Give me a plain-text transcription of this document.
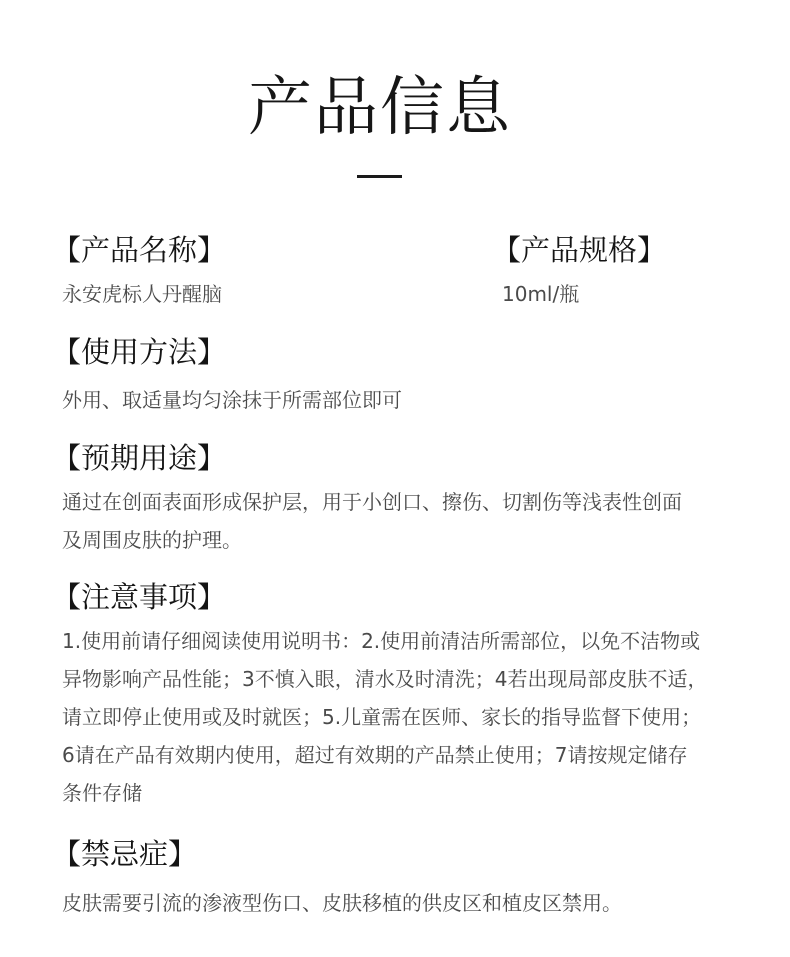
产品信息
【产品名称】
永安虎标人丹醒脑
【产品规格】
10ml/瓶
【使用方法】
外用、取适量均匀涂抹于所需部位即可
【预期用途】
通过在创面表面形成保护层，用于小创口、擦伤、切割伤等浅表性创面
及周围皮肤的护理。
【注意事项】
1.使用前请仔细阅读使用说明书：2.使用前清洁所需部位，以免不洁物或
异物影响产品性能；3不慎入眼，清水及时清洗；4若出现局部皮肤不适，
请立即停止使用或及时就医；5.儿童需在医师、家长的指导监督下使用；
6请在产品有效期内使用，超过有效期的产品禁止使用；7请按规定储存
条件存储
【禁忌症】
皮肤需要引流的渗液型伤口、皮肤移植的供皮区和植皮区禁用。
